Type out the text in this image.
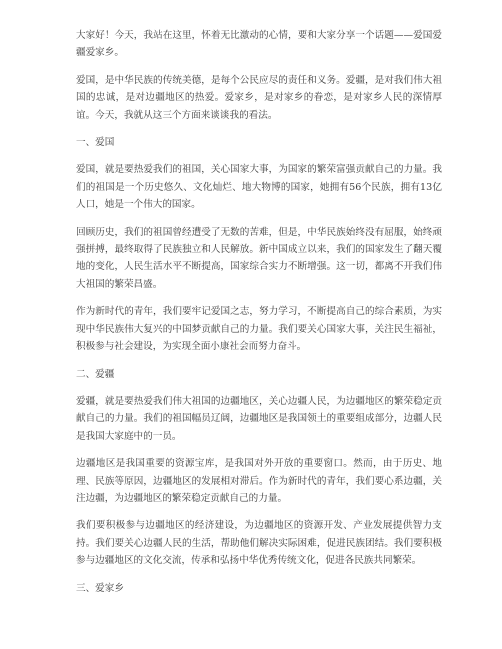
大家好！今天，我站在这里，怀着无比激动的心情，要和大家分享一个话题——爱国爱疆爱家乡。

爱国，是中华民族的传统美德，是每个公民应尽的责任和义务。爱疆，是对我们伟大祖国的忠诚，是对边疆地区的热爱。爱家乡，是对家乡的眷恋，是对家乡人民的深情厚谊。今天，我就从这三个方面来谈谈我的看法。

一、爱国

爱国，就是要热爱我们的祖国，关心国家大事，为国家的繁荣富强贡献自己的力量。我们的祖国是一个历史悠久、文化灿烂、地大物博的国家，她拥有56个民族，拥有13亿人口，她是一个伟大的国家。

回顾历史，我们的祖国曾经遭受了无数的苦难，但是，中华民族始终没有屈服，始终顽强拼搏，最终取得了民族独立和人民解放。新中国成立以来，我们的国家发生了翻天覆地的变化，人民生活水平不断提高，国家综合实力不断增强。这一切，都离不开我们伟大祖国的繁荣昌盛。

作为新时代的青年，我们要牢记爱国之志，努力学习，不断提高自己的综合素质，为实现中华民族伟大复兴的中国梦贡献自己的力量。我们要关心国家大事，关注民生福祉，积极参与社会建设，为实现全面小康社会而努力奋斗。

二、爱疆

爱疆，就是要热爱我们伟大祖国的边疆地区，关心边疆人民，为边疆地区的繁荣稳定贡献自己的力量。我们的祖国幅员辽阔，边疆地区是我国领土的重要组成部分，边疆人民是我国大家庭中的一员。

边疆地区是我国重要的资源宝库，是我国对外开放的重要窗口。然而，由于历史、地理、民族等原因，边疆地区的发展相对滞后。作为新时代的青年，我们要心系边疆，关注边疆，为边疆地区的繁荣稳定贡献自己的力量。

我们要积极参与边疆地区的经济建设，为边疆地区的资源开发、产业发展提供智力支持。我们要关心边疆人民的生活，帮助他们解决实际困难，促进民族团结。我们要积极参与边疆地区的文化交流，传承和弘扬中华优秀传统文化，促进各民族共同繁荣。

三、爱家乡
